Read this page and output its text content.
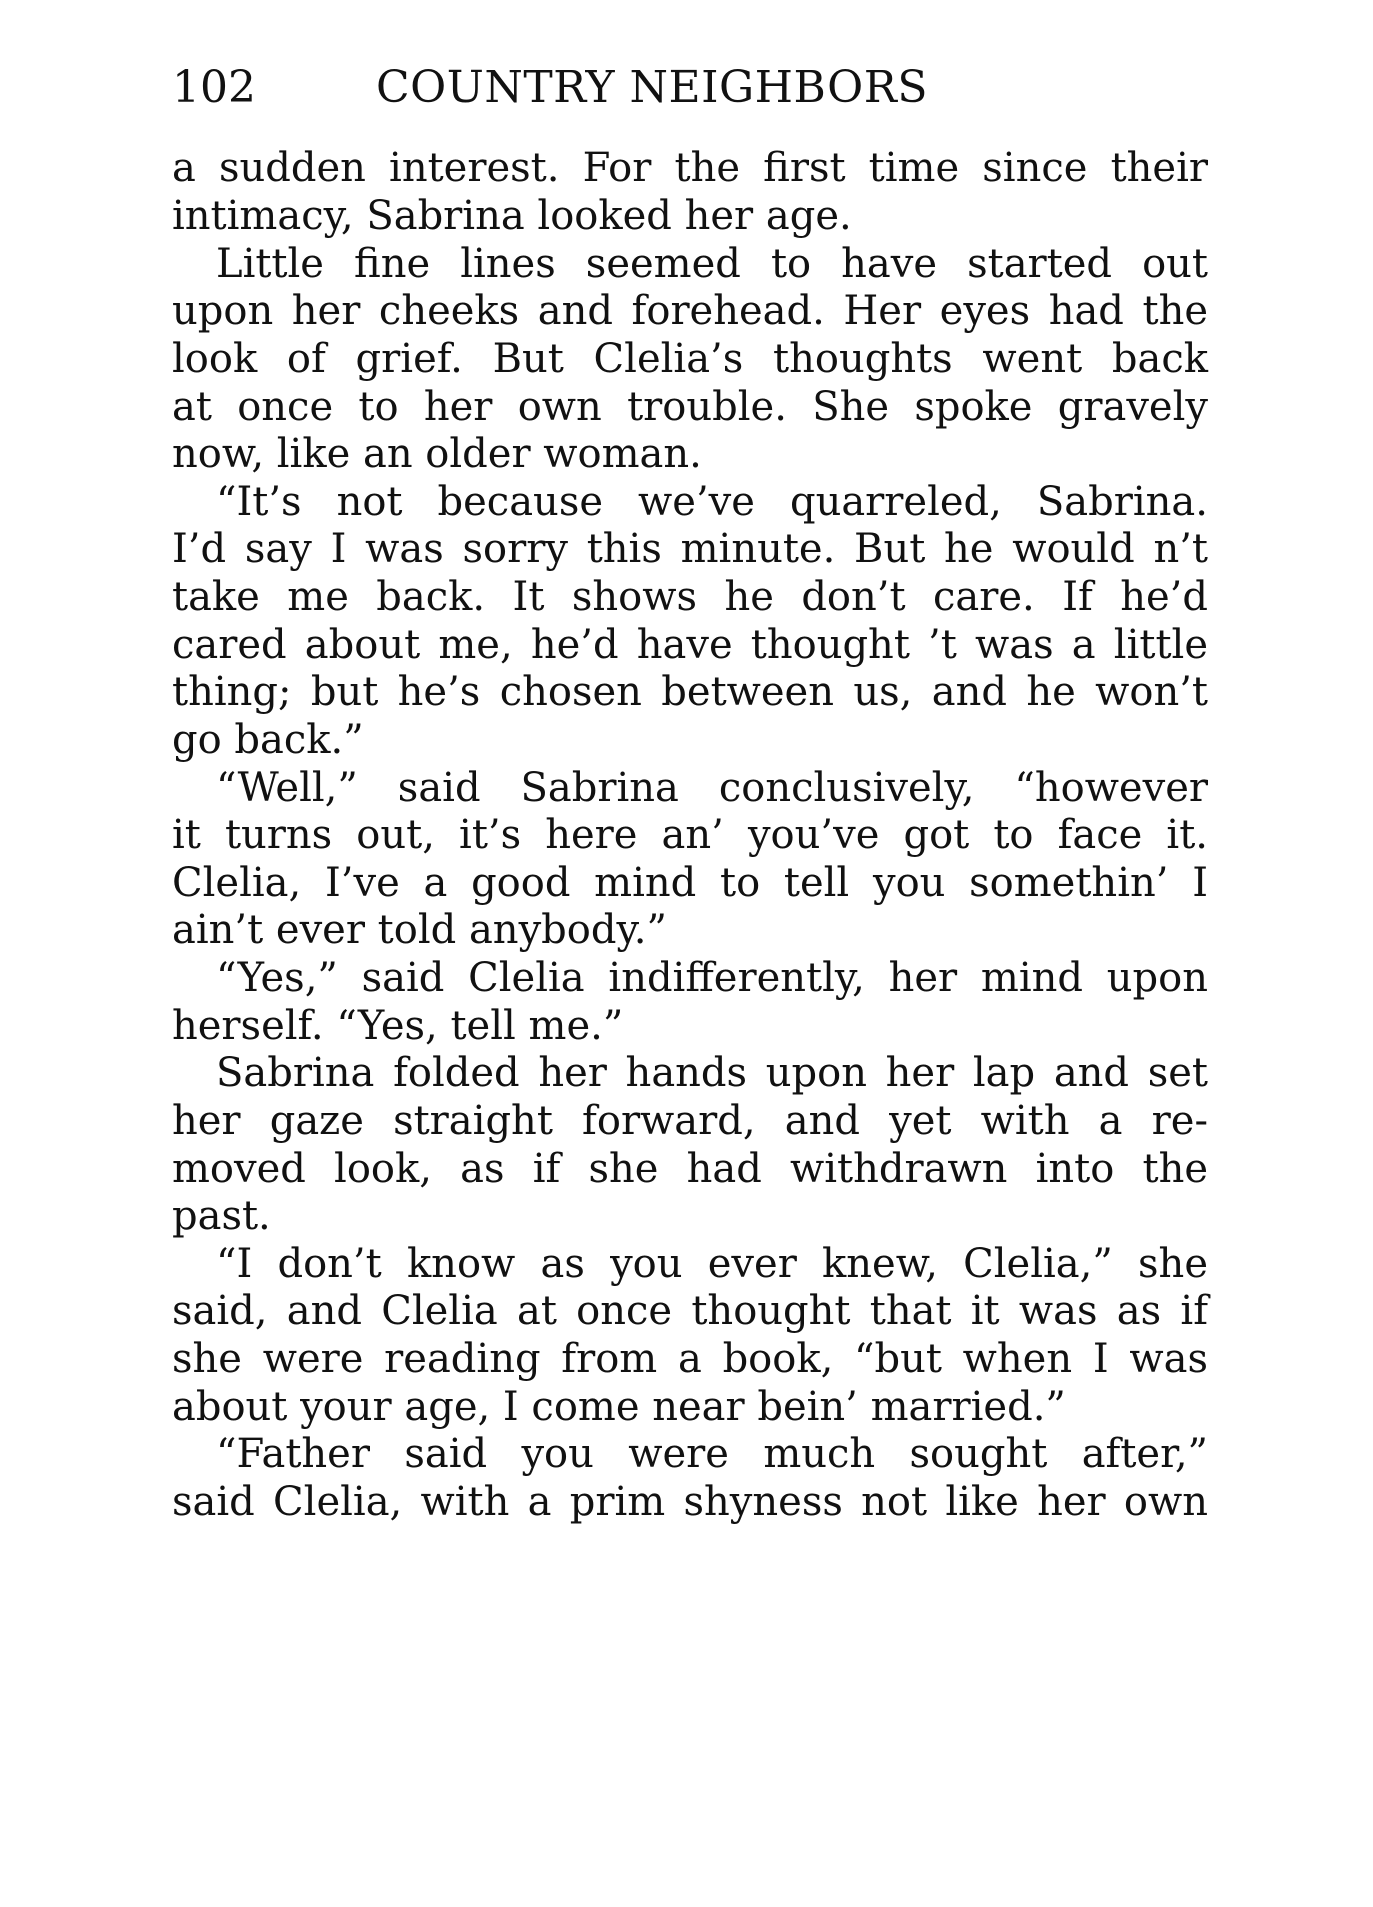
102	COUNTRY NEIGHBORS
a sudden interest. For the first time since their
intimacy, Sabrina looked her age.
Little fine lines seemed to have started out
upon her cheeks and forehead. Her eyes had the
look of grief. But Clelia’s thoughts went back
at once to her own trouble. She spoke gravely
now, like an older woman.
“It’s not because we’ve quarreled, Sabrina.
I’d say I was sorry this minute. But he would n’t
take me back. It shows he don’t care. If he’d
cared about me, he’d have thought ’t was a little
thing; but he’s chosen between us, and he won’t
go back.”
“Well,” said Sabrina conclusively, “however
it turns out, it’s here an’ you’ve got to face it.
Clelia, I’ve a good mind to tell you somethin’ I
ain’t ever told anybody.”
“Yes,” said Clelia indifferently, her mind upon
herself. “Yes, tell me.”
Sabrina folded her hands upon her lap and set
her gaze straight forward, and yet with a re-
moved look, as if she had withdrawn into the
past.
“I don’t know as you ever knew, Clelia,” she
said, and Clelia at once thought that it was as if
she were reading from a book, “but when I was
about your age, I come near bein’ married.”
“Father said you were much sought after,”
said Clelia, with a prim shyness not like her own
